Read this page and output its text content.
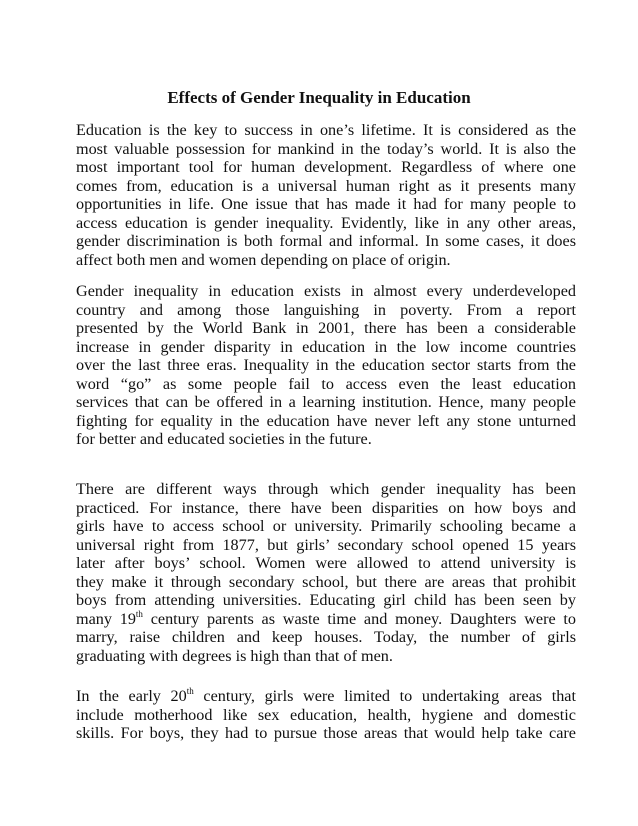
Effects of Gender Inequality in Education
Education is the key to success in one’s lifetime. It is considered as the
most valuable possession for mankind in the today’s world. It is also the
most important tool for human development. Regardless of where one
comes from, education is a universal human right as it presents many
opportunities in life. One issue that has made it had for many people to
access education is gender inequality. Evidently, like in any other areas,
gender discrimination is both formal and informal. In some cases, it does
affect both men and women depending on place of origin.
Gender inequality in education exists in almost every underdeveloped
country and among those languishing in poverty. From a report
presented by the World Bank in 2001, there has been a considerable
increase in gender disparity in education in the low income countries
over the last three eras. Inequality in the education sector starts from the
word “go” as some people fail to access even the least education
services that can be offered in a learning institution. Hence, many people
fighting for equality in the education have never left any stone unturned
for better and educated societies in the future.
There are different ways through which gender inequality has been
practiced. For instance, there have been disparities on how boys and
girls have to access school or university. Primarily schooling became a
universal right from 1877, but girls’ secondary school opened 15 years
later after boys’ school. Women were allowed to attend university is
they make it through secondary school, but there are areas that prohibit
boys from attending universities. Educating girl child has been seen by
many 19th century parents as waste time and money. Daughters were to
marry, raise children and keep houses. Today, the number of girls
graduating with degrees is high than that of men.
In the early 20th century, girls were limited to undertaking areas that
include motherhood like sex education, health, hygiene and domestic
skills. For boys, they had to pursue those areas that would help take care
